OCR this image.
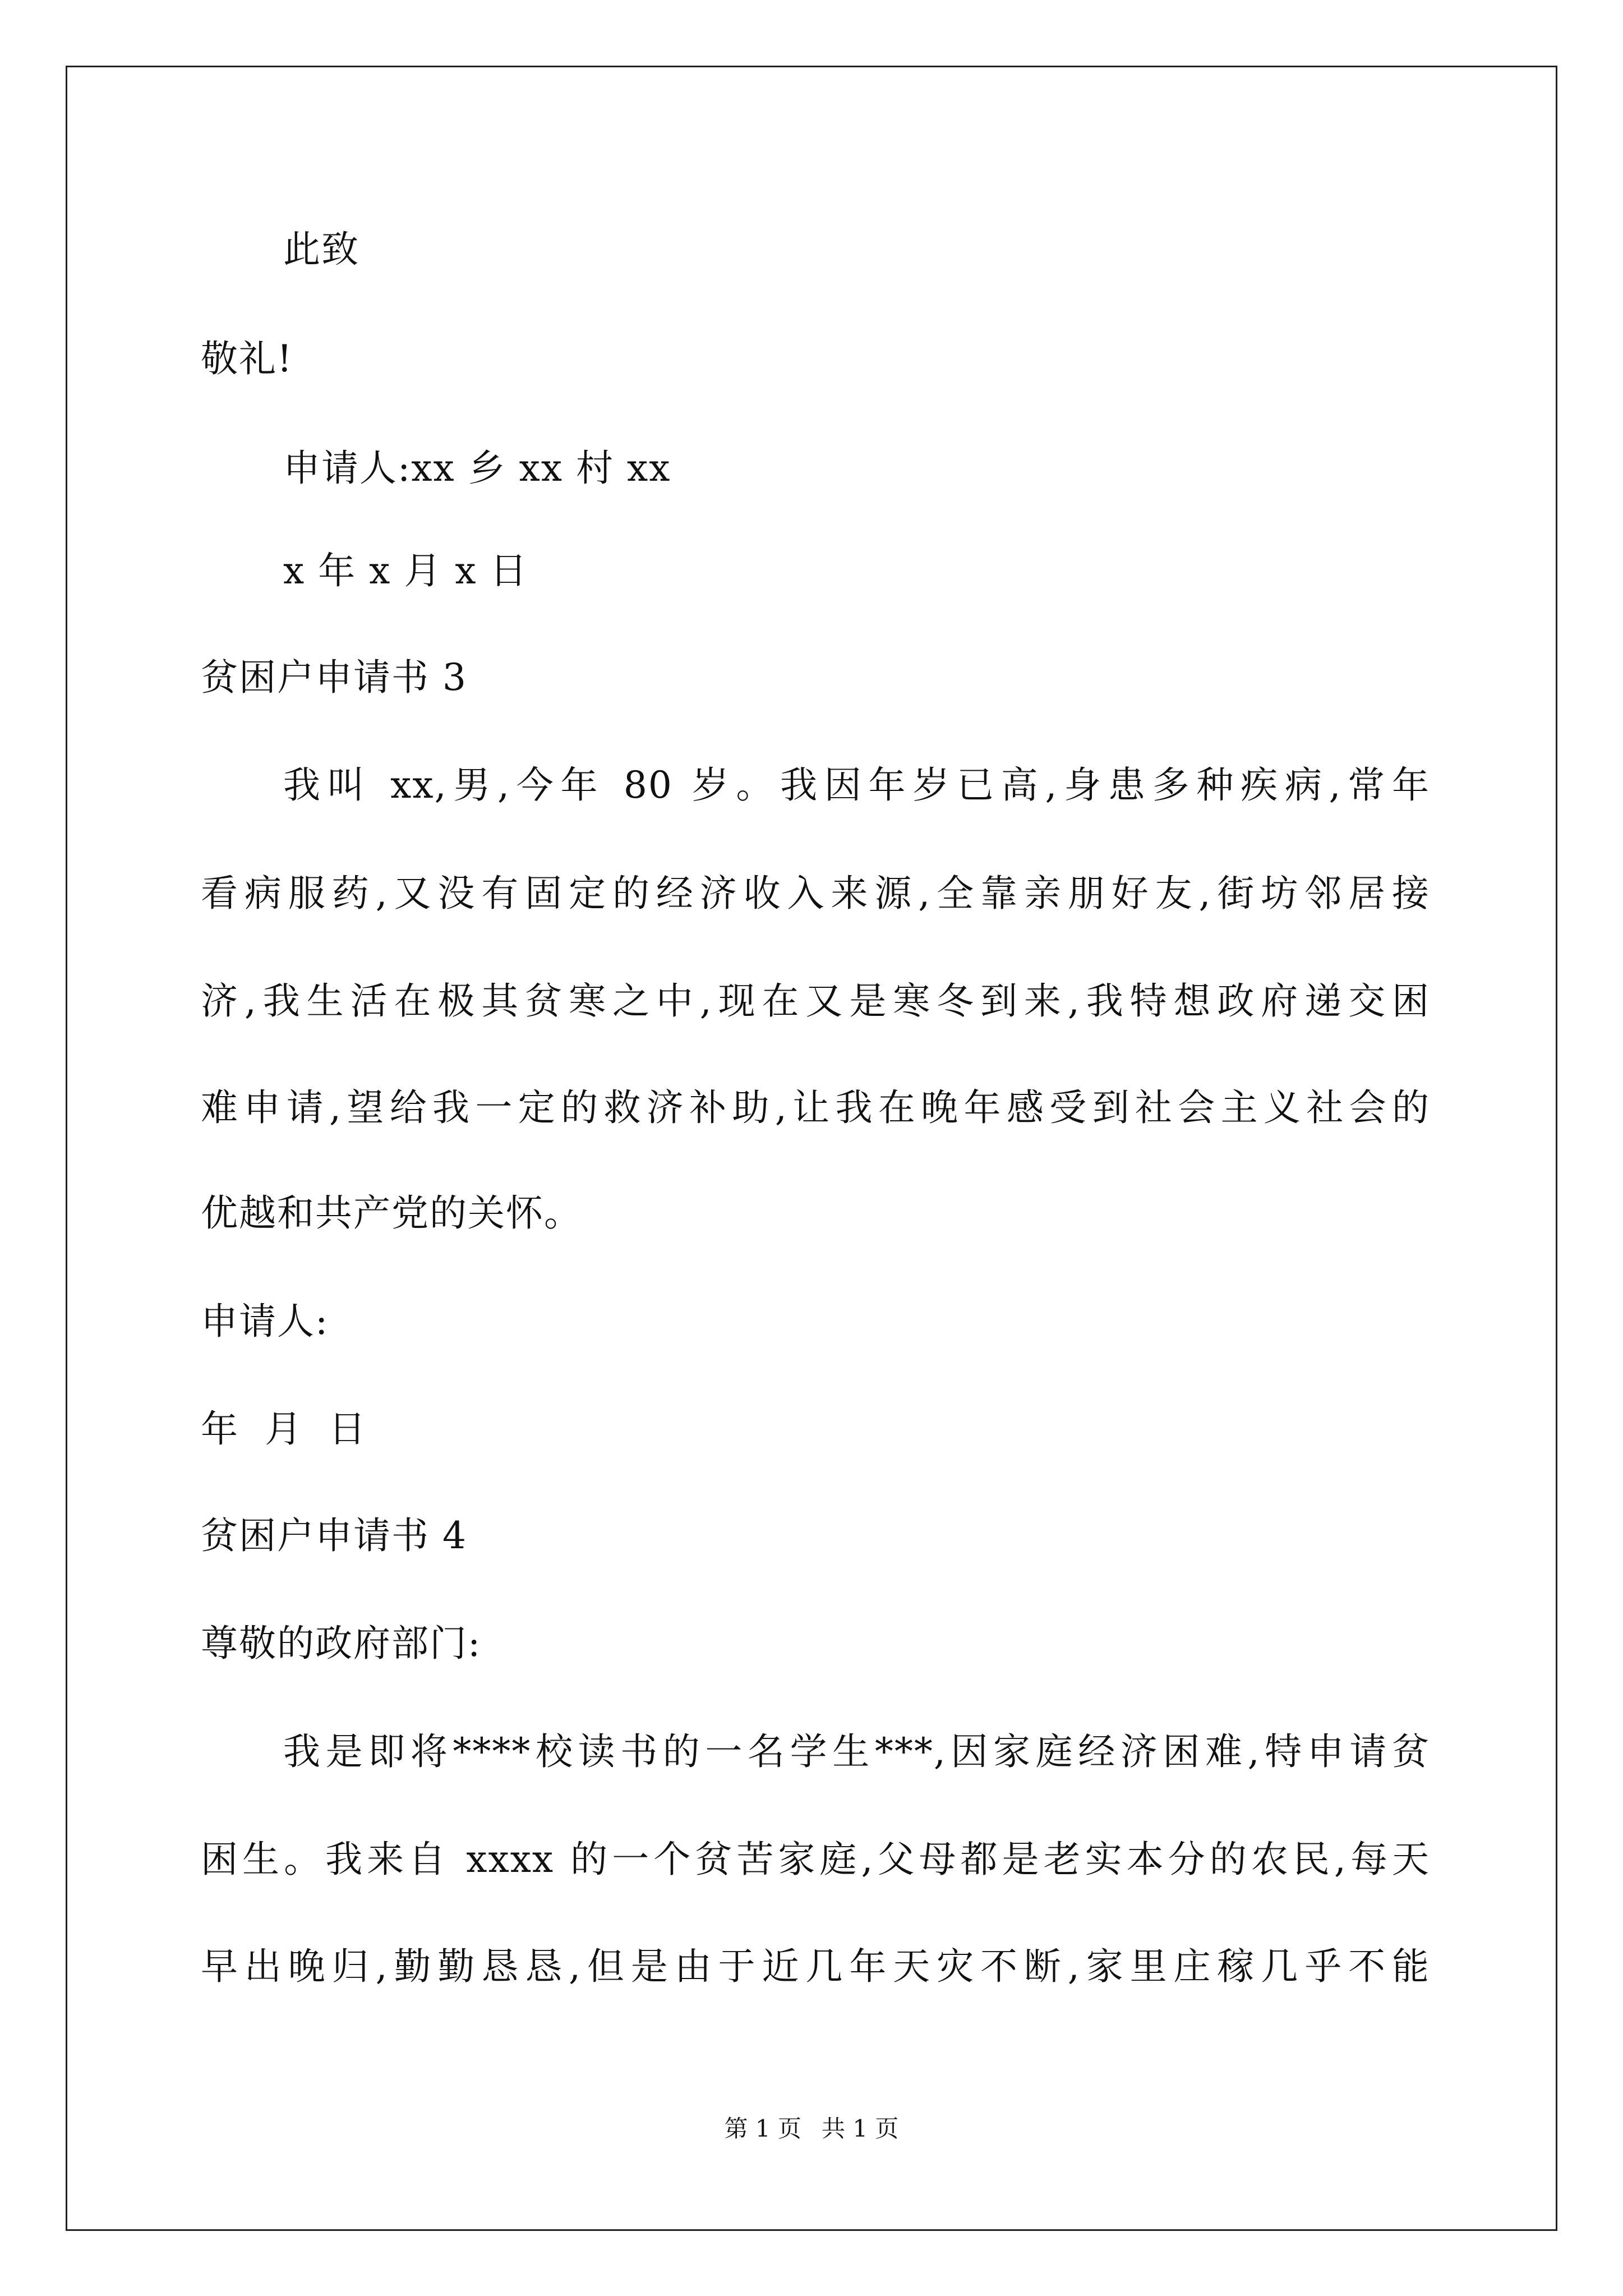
此致
敬礼!
申请人:xx 乡 xx 村 xx
x 年 x 月 x 日
贫困户申请书 3
我叫 xx,男,今年 80 岁。我因年岁已高,身患多种疾病,常年
看病服药,又没有固定的经济收入来源,全靠亲朋好友,街坊邻居接
济,我生活在极其贫寒之中,现在又是寒冬到来,我特想政府递交困
难申请,望给我一定的救济补助,让我在晚年感受到社会主义社会的
优越和共产党的关怀。
申请人:
年  月  日
贫困户申请书 4
尊敬的政府部门:
我是即将****校读书的一名学生***,因家庭经济困难,特申请贫
困生。我来自 xxxx 的一个贫苦家庭,父母都是老实本分的农民,每天
早出晚归,勤勤恳恳,但是由于近几年天灾不断,家里庄稼几乎不能
第 1 页 共 1 页
